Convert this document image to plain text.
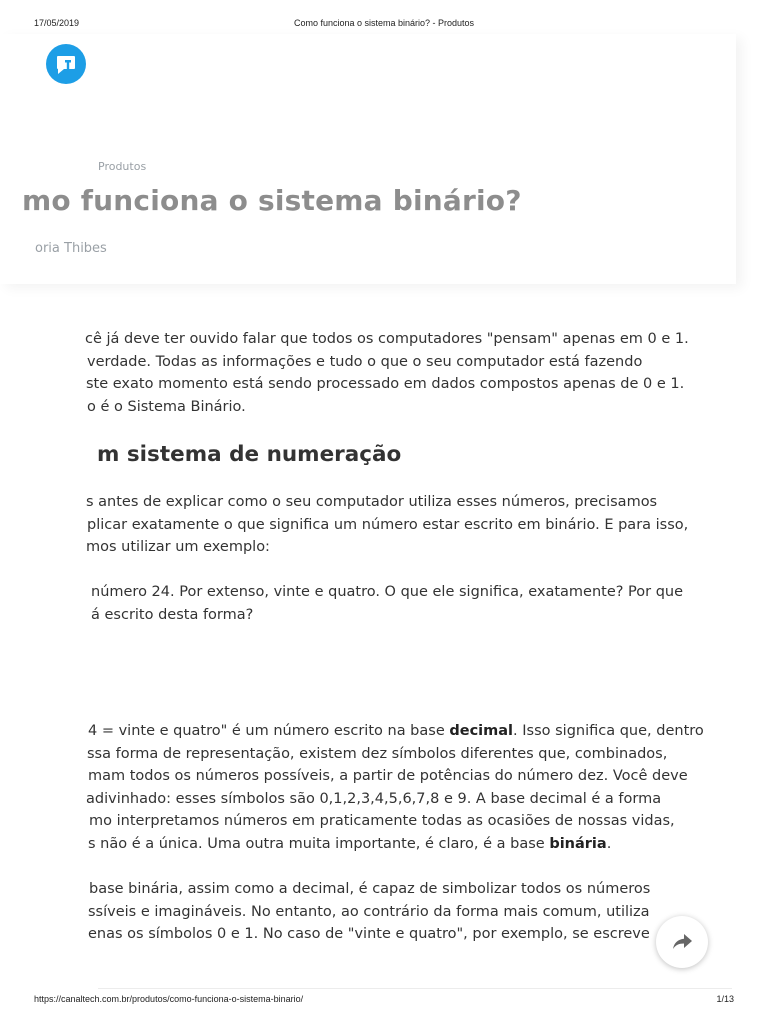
17/05/2019	Como funciona o sistema binário? - Produtos
Produtos
mo funciona o sistema binário?
oria Thibes
cê já deve ter ouvido falar que todos os computadores "pensam" apenas em 0 e 1.
verdade. Todas as informações e tudo o que o seu computador está fazendo
ste exato momento está sendo processado em dados compostos apenas de 0 e 1.
o é o Sistema Binário.
m sistema de numeração
s antes de explicar como o seu computador utiliza esses números, precisamos
plicar exatamente o que significa um número estar escrito em binário. E para isso,
mos utilizar um exemplo:
número 24. Por extenso, vinte e quatro. O que ele significa, exatamente? Por que
á escrito desta forma?
4 = vinte e quatro" é um número escrito na base decimal. Isso significa que, dentro
ssa forma de representação, existem dez símbolos diferentes que, combinados,
mam todos os números possíveis, a partir de potências do número dez. Você deve
adivinhado: esses símbolos são 0,1,2,3,4,5,6,7,8 e 9. A base decimal é a forma
mo interpretamos números em praticamente todas as ocasiões de nossas vidas,
s não é a única. Uma outra muita importante, é claro, é a base binária.
base binária, assim como a decimal, é capaz de simbolizar todos os números
ssíveis e imagináveis. No entanto, ao contrário da forma mais comum, utiliza
enas os símbolos 0 e 1. No caso de "vinte e quatro", por exemplo, se escreve
https://canaltech.com.br/produtos/como-funciona-o-sistema-binario/	1/13
